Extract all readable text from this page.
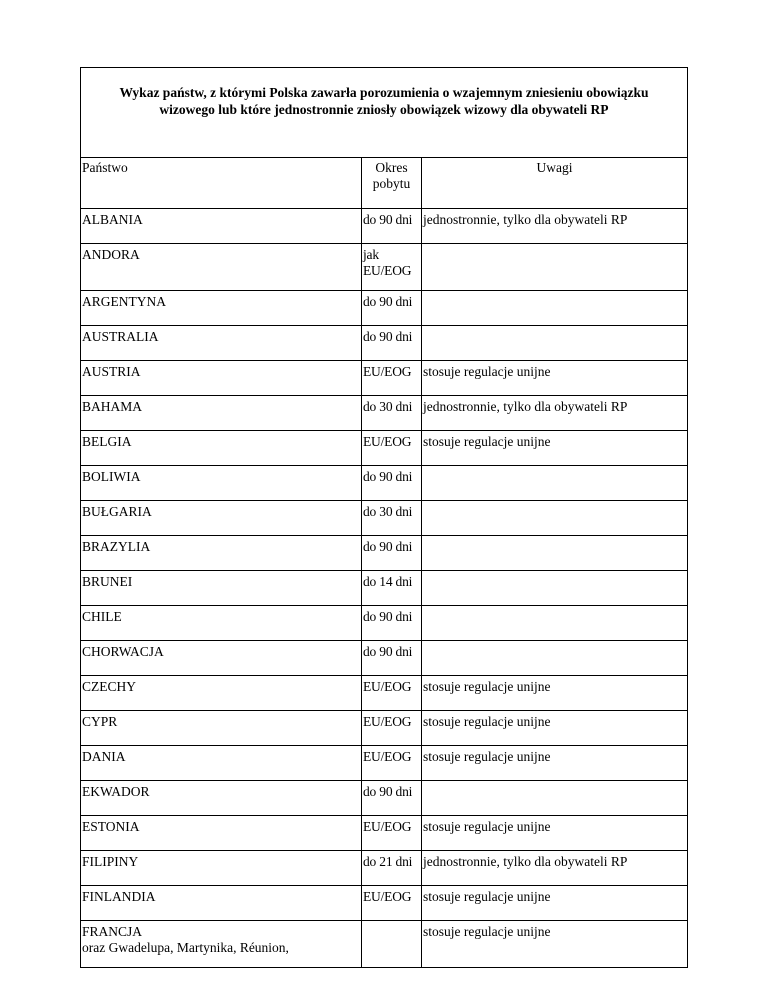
Wykaz państw, z którymi Polska zawarła porozumienia o wzajemnym zniesieniu obowiązku wizowego lub które jednostronnie zniosły obowiązek wizowy dla obywateli RP		
Państwo	Okres pobytu	Uwagi

ALBANIA	do 90 dni	jednostronnie, tylko dla obywateli RP

ANDORA	jak EU/EOG	

ARGENTYNA	do 90 dni	

AUSTRALIA	do 90 dni	

AUSTRIA	EU/EOG	stosuje regulacje unijne

BAHAMA	do 30 dni	jednostronnie, tylko dla obywateli RP

BELGIA	EU/EOG	stosuje regulacje unijne

BOLIWIA	do 90 dni	

BUŁGARIA	do 30 dni	

BRAZYLIA	do 90 dni	

BRUNEI	do 14 dni	

CHILE	do 90 dni	

CHORWACJA	do 90 dni	

CZECHY	EU/EOG	stosuje regulacje unijne

CYPR	EU/EOG	stosuje regulacje unijne

DANIA	EU/EOG	stosuje regulacje unijne

EKWADOR	do 90 dni	

ESTONIA	EU/EOG	stosuje regulacje unijne

FILIPINY	do 21 dni	jednostronnie, tylko dla obywateli RP

FINLANDIA	EU/EOG	stosuje regulacje unijne

FRANCJA
oraz Gwadelupa, Martynika, Réunion,		stosuje regulacje unijne
